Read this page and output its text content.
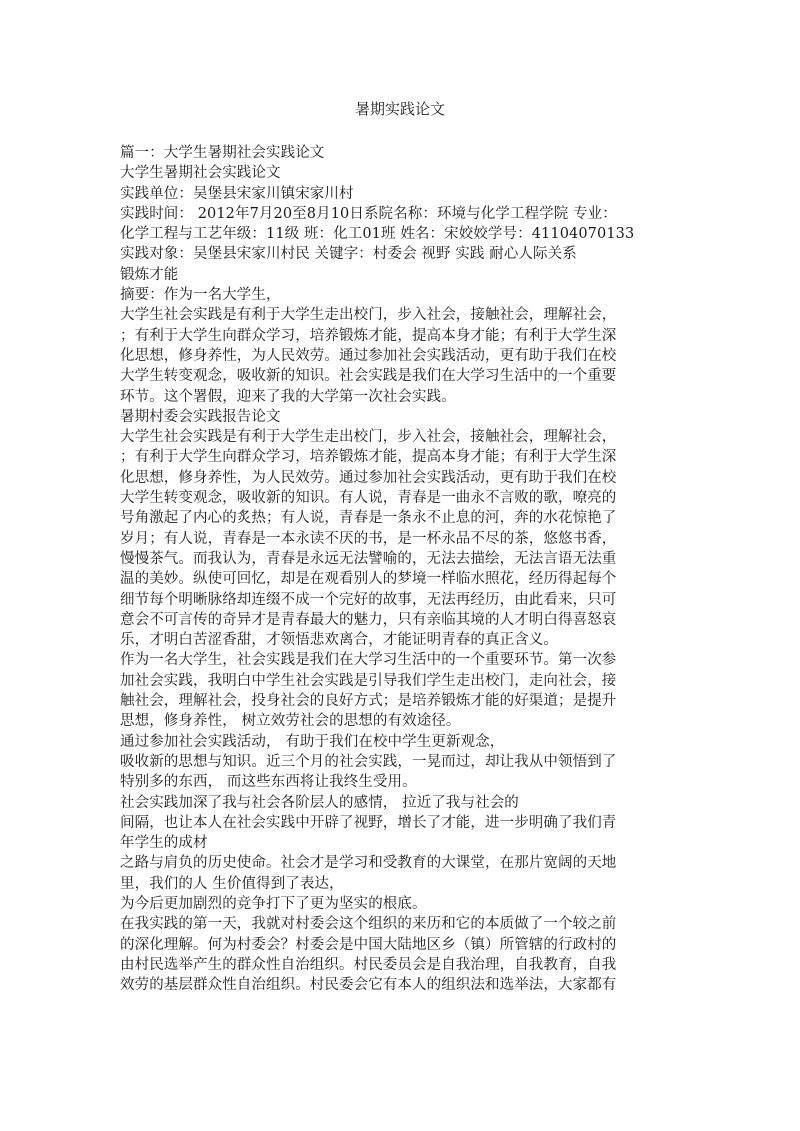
暑期实践论文
篇一：大学生暑期社会实践论文
大学生暑期社会实践论文
实践单位：吴堡县宋家川镇宋家川村
实践时间： 2012年7月20至8月10日系院名称：环境与化学工程学院 专业：
化学工程与工艺年级：11级 班：化工01班 姓名：宋姣姣学号：41104070133
实践对象：吴堡县宋家川村民 关键字：村委会 视野 实践 耐心人际关系
锻炼才能
摘要：作为一名大学生，
大学生社会实践是有利于大学生走出校门，步入社会，接触社会，理解社会，
；有利于大学生向群众学习，培养锻炼才能，提高本身才能；有利于大学生深
化思想，修身养性，为人民效劳。通过参加社会实践活动，更有助于我们在校
大学生转变观念，吸收新的知识。社会实践是我们在大学习生活中的一个重要
环节。这个署假，迎来了我的大学第一次社会实践。
暑期村委会实践报告论文
大学生社会实践是有利于大学生走出校门，步入社会，接触社会，理解社会，
；有利于大学生向群众学习，培养锻炼才能，提高本身才能；有利于大学生深
化思想，修身养性，为人民效劳。通过参加社会实践活动，更有助于我们在校
大学生转变观念，吸收新的知识。有人说，青春是一曲永不言败的歌，嘹亮的
号角激起了内心的炙热；有人说，青春是一条永不止息的河，奔的水花惊艳了
岁月；有人说，青春是一本永读不厌的书，是一杯永品不尽的茶，悠悠书香，
慢慢茶气。而我认为，青春是永远无法譬喻的，无法去描绘，无法言语无法重
温的美妙。纵使可回忆，却是在观看别人的梦境一样临水照花，经历得起每个
细节每个明晰脉络却连缀不成一个完好的故事，无法再经历，由此看来，只可
意会不可言传的奇异才是青春最大的魅力，只有亲临其境的人才明白得喜怒哀
乐，才明白苦涩香甜，才领悟悲欢离合，才能证明青春的真正含义。
作为一名大学生，社会实践是我们在大学习生活中的一个重要环节。第一次参
加社会实践，我明白中学生社会实践是引导我们学生走出校门，走向社会，接
触社会，理解社会，投身社会的良好方式；是培养锻炼才能的好渠道；是提升
思想，修身养性， 树立效劳社会的思想的有效途径。
通过参加社会实践活动， 有助于我们在校中学生更新观念，
吸收新的思想与知识。近三个月的社会实践，一晃而过，却让我从中领悟到了
特别多的东西， 而这些东西将让我终生受用。
社会实践加深了我与社会各阶层人的感情， 拉近了我与社会的
间隔，也让本人在社会实践中开辟了视野，增长了才能，进一步明确了我们青
年学生的成材
之路与肩负的历史使命。社会才是学习和受教育的大课堂，在那片宽阔的天地
里，我们的人 生价值得到了表达，
为今后更加剧烈的竞争打下了更为坚实的根底。
在我实践的第一天，我就对村委会这个组织的来历和它的本质做了一个较之前
的深化理解。何为村委会？村委会是中国大陆地区乡（镇）所管辖的行政村的
由村民选举产生的群众性自治组织。村民委员会是自我治理，自我教育，自我
效劳的基层群众性自治组织。村民委会它有本人的组织法和选举法，大家都有
